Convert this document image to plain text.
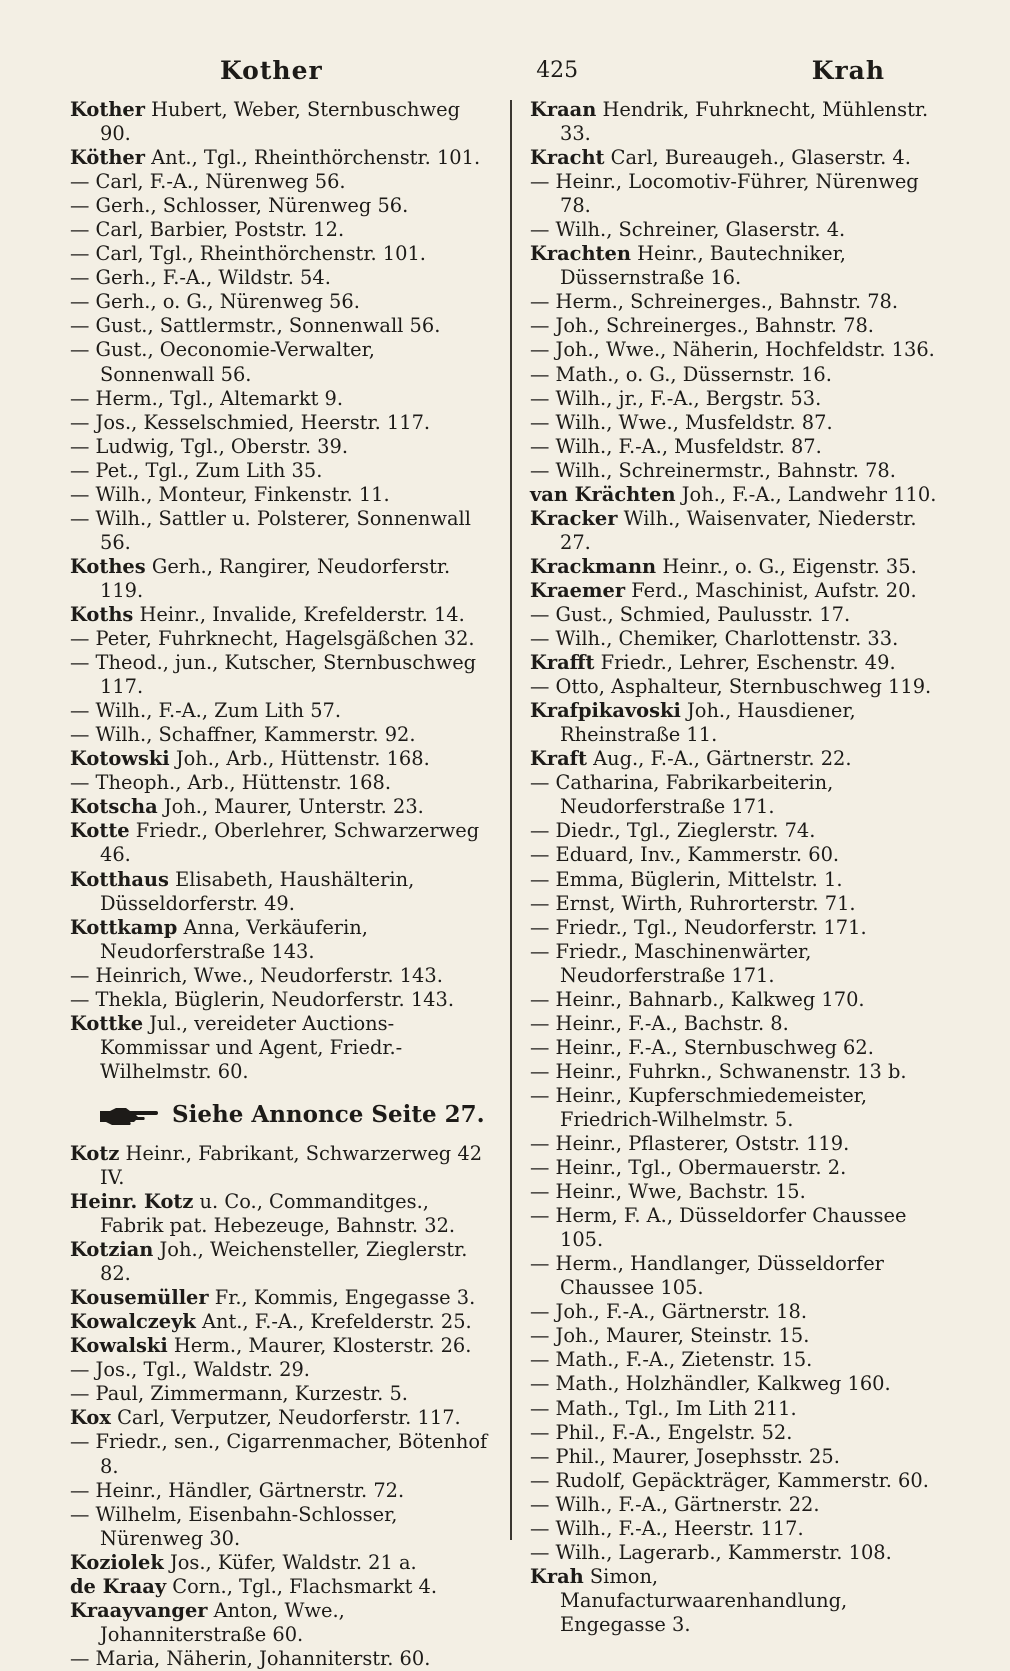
Kother	425	Krah
Kother Hubert, Weber, Sternbuschweg 90.
Köther Ant., Tgl., Rheinthörchenstr. 101.
— Carl, F.-A., Nürenweg 56.
— Gerh., Schlosser, Nürenweg 56.
— Carl, Barbier, Poststr. 12.
— Carl, Tgl., Rheinthörchenstr. 101.
— Gerh., F.-A., Wildstr. 54.
— Gerh., o. G., Nürenweg 56.
— Gust., Sattlermstr., Sonnenwall 56.
— Gust., Oeconomie-Verwalter, Sonnenwall 56.
— Herm., Tgl., Altemarkt 9.
— Jos., Kesselschmied, Heerstr. 117.
— Ludwig, Tgl., Oberstr. 39.
— Pet., Tgl., Zum Lith 35.
— Wilh., Monteur, Finkenstr. 11.
— Wilh., Sattler u. Polsterer, Sonnenwall 56.
Kothes Gerh., Rangirer, Neudorferstr. 119.
Koths Heinr., Invalide, Krefelderstr. 14.
— Peter, Fuhrknecht, Hagelsgäßchen 32.
— Theod., jun., Kutscher, Sternbuschweg 117.
— Wilh., F.-A., Zum Lith 57.
— Wilh., Schaffner, Kammerstr. 92.
Kotowski Joh., Arb., Hüttenstr. 168.
— Theoph., Arb., Hüttenstr. 168.
Kotscha Joh., Maurer, Unterstr. 23.
Kotte Friedr., Oberlehrer, Schwarzerweg 46.
Kotthaus Elisabeth, Haushälterin, Düsseldorferstr. 49.
Kottkamp Anna, Verkäuferin, Neudorferstraße 143.
— Heinrich, Wwe., Neudorferstr. 143.
— Thekla, Büglerin, Neudorferstr. 143.
Kottke Jul., vereideter Auctions-Kommissar und Agent, Friedr.-Wilhelmstr. 60.
Siehe Annonce Seite 27.
Kotz Heinr., Fabrikant, Schwarzerweg 42 IV.
Heinr. Kotz u. Co., Commanditges., Fabrik pat. Hebezeuge, Bahnstr. 32.
Kotzian Joh., Weichensteller, Zieglerstr. 82.
Kousemüller Fr., Kommis, Engegasse 3.
Kowalczeyk Ant., F.-A., Krefelderstr. 25.
Kowalski Herm., Maurer, Klosterstr. 26.
— Jos., Tgl., Waldstr. 29.
— Paul, Zimmermann, Kurzestr. 5.
Kox Carl, Verputzer, Neudorferstr. 117.
— Friedr., sen., Cigarrenmacher, Bötenhof 8.
— Heinr., Händler, Gärtnerstr. 72.
— Wilhelm, Eisenbahn-Schlosser, Nürenweg 30.
Koziolek Jos., Küfer, Waldstr. 21 a.
de Kraay Corn., Tgl., Flachsmarkt 4.
Kraayvanger Anton, Wwe., Johanniterstraße 60.
— Maria, Näherin, Johanniterstr. 60.
Kraan Hendrik, Fuhrknecht, Mühlenstr. 33.
Kracht Carl, Bureaugeh., Glaserstr. 4.
— Heinr., Locomotiv-Führer, Nürenweg 78.
— Wilh., Schreiner, Glaserstr. 4.
Krachten Heinr., Bautechniker, Düssernstraße 16.
— Herm., Schreinerges., Bahnstr. 78.
— Joh., Schreinerges., Bahnstr. 78.
— Joh., Wwe., Näherin, Hochfeldstr. 136.
— Math., o. G., Düssernstr. 16.
— Wilh., jr., F.-A., Bergstr. 53.
— Wilh., Wwe., Musfeldstr. 87.
— Wilh., F.-A., Musfeldstr. 87.
— Wilh., Schreinermstr., Bahnstr. 78.
van Krächten Joh., F.-A., Landwehr 110.
Kracker Wilh., Waisenvater, Niederstr. 27.
Krackmann Heinr., o. G., Eigenstr. 35.
Kraemer Ferd., Maschinist, Aufstr. 20.
— Gust., Schmied, Paulusstr. 17.
— Wilh., Chemiker, Charlottenstr. 33.
Krafft Friedr., Lehrer, Eschenstr. 49.
— Otto, Asphalteur, Sternbuschweg 119.
Krafpikavoski Joh., Hausdiener, Rheinstraße 11.
Kraft Aug., F.-A., Gärtnerstr. 22.
— Catharina, Fabrikarbeiterin, Neudorferstraße 171.
— Diedr., Tgl., Zieglerstr. 74.
— Eduard, Inv., Kammerstr. 60.
— Emma, Büglerin, Mittelstr. 1.
— Ernst, Wirth, Ruhrorterstr. 71.
— Friedr., Tgl., Neudorferstr. 171.
— Friedr., Maschinenwärter, Neudorferstraße 171.
— Heinr., Bahnarb., Kalkweg 170.
— Heinr., F.-A., Bachstr. 8.
— Heinr., F.-A., Sternbuschweg 62.
— Heinr., Fuhrkn., Schwanenstr. 13 b.
— Heinr., Kupferschmiedemeister, Friedrich-Wilhelmstr. 5.
— Heinr., Pflasterer, Oststr. 119.
— Heinr., Tgl., Obermauerstr. 2.
— Heinr., Wwe, Bachstr. 15.
— Herm, F. A., Düsseldorfer Chaussee 105.
— Herm., Handlanger, Düsseldorfer Chaussee 105.
— Joh., F.-A., Gärtnerstr. 18.
— Joh., Maurer, Steinstr. 15.
— Math., F.-A., Zietenstr. 15.
— Math., Holzhändler, Kalkweg 160.
— Math., Tgl., Im Lith 211.
— Phil., F.-A., Engelstr. 52.
— Phil., Maurer, Josephsstr. 25.
— Rudolf, Gepäckträger, Kammerstr. 60.
— Wilh., F.-A., Gärtnerstr. 22.
— Wilh., F.-A., Heerstr. 117.
— Wilh., Lagerarb., Kammerstr. 108.
Krah Simon, Manufacturwaarenhandlung, Engegasse 3.
